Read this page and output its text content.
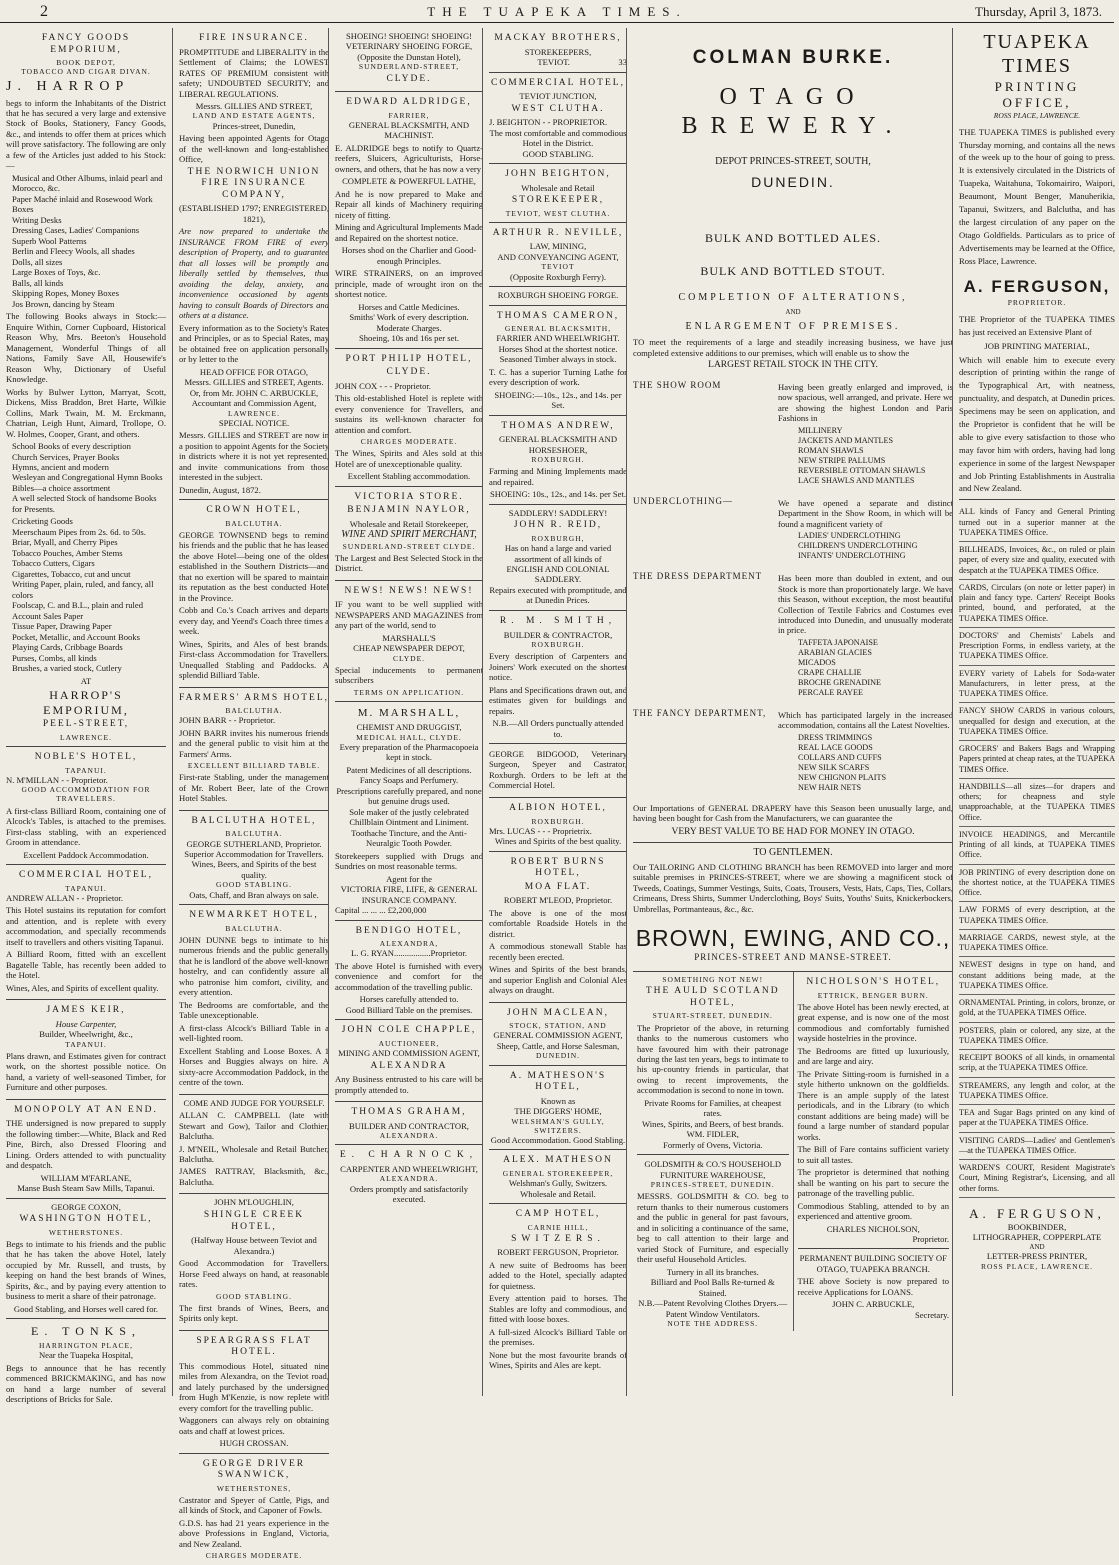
2	THE TUAPEKA TIMES.	Thursday, April 3, 1873.
FANCY GOODS EMPORIUM,
BOOK DEPOT,
TOBACCO AND CIGAR DIVAN.
J. HARROP
begs to inform the Inhabitants of the District that he has secured a very large and extensive Stock of Books, Stationery, Fancy Goods, &c., and intends to offer them at prices which will prove satisfactory. The following are only a few of the Articles just added to his Stock:—
Musical and Other Albums, inlaid pearl and Morocco, &c.
Paper Maché inlaid and Rosewood Work Boxes
Writing Desks
Dressing Cases, Ladies' Companions
Superb Wool Patterns
Berlin and Fleecy Wools, all shades
Dolls, all sizes
Large Boxes of Toys, &c.
Balls, all kinds
Skipping Ropes, Money Boxes
Jos Brown, dancing by Steam
The following Books always in Stock:—Enquire Within, Corner Cupboard, Historical Reason Why, Mrs. Beeton's Household Management, Wonderful Things of all Nations, Family Save All, Housewife's Reason Why, Dictionary of Useful Knowledge.
Works by Bulwer Lytton, Marryat, Scott, Dickens, Miss Braddon, Bret Harte, Wilkie Collins, Mark Twain, M. M. Erckmann, Chatrian, Leigh Hunt, Aimard, Trollope, O. W. Holmes, Cooper, Grant, and others.
School Books of every description
Church Services, Prayer Books
Hymns, ancient and modern
Wesleyan and Congregational Hymn Books
Bibles—a choice assortment
A well selected Stock of handsome Books for Presents.
Cricketing Goods
Meerschaum Pipes from 2s. 6d. to 50s.
Briar, Myall, and Cherry Pipes
Tobacco Pouches, Amber Stems
Tobacco Cutters, Cigars
Cigarettes, Tobacco, cut and uncut
Writing Paper, plain, ruled, and fancy, all colors
Foolscap, C. and B.L., plain and ruled
Account Sales Paper
Tissue Paper, Drawing Paper
Pocket, Metallic, and Account Books
Playing Cards, Cribbage Boards
Purses, Combs, all kinds
Brushes, a varied stock, Cutlery
AT
HARROP'S EMPORIUM,
PEEL-STREET,
LAWRENCE.
NOBLE'S HOTEL,
TAPANUI.
N. M'MILLAN - - Proprietor.
GOOD ACCOMMODATION FOR TRAVELLERS.
A first-class Billiard Room, containing one of Alcock's Tables, is attached to the premises. First-class stabling, with an experienced Groom in attendance.
Excellent Paddock Accommodation.
COMMERCIAL HOTEL,
TAPANUI.
ANDREW ALLAN - - Proprietor.
This Hotel sustains its reputation for comfort and attention, and is replete with every accommodation, and specially recommends itself to travellers and others visiting Tapanui.
A Billiard Room, fitted with an excellent Bagatelle Table, has recently been added to the Hotel.
Wines, Ales, and Spirits of excellent quality.
JAMES KEIR,
House Carpenter,
Builder, Wheelwright, &c.,
TAPANUI.
Plans drawn, and Estimates given for contract work, on the shortest possible notice. On hand, a variety of well-seasoned Timber, for Furniture and other purposes.
MONOPOLY AT AN END.
THE undersigned is now prepared to supply the following timber:—White, Black and Red Pine, Birch, also Dressed Flooring and Lining. Orders attended to with punctuality and despatch.
WILLIAM M'FARLANE,
Manse Bush Steam Saw Mills, Tapanui.
GEORGE COXON,
WASHINGTON HOTEL,
WETHERSTONES.
Begs to intimate to his friends and the public that he has taken the above Hotel, lately occupied by Mr. Russell, and trusts, by keeping on hand the best brands of Wines, Spirits, &c., and by paying every attention to business to merit a share of their patronage.
Good Stabling, and Horses well cared for.
E. TONKS,
HARRINGTON PLACE,
Near the Tuapeka Hospital,
Begs to announce that he has recently commenced BRICKMAKING, and has now on hand a large number of several descriptions of Bricks for Sale.
FIRE INSURANCE.
PROMPTITUDE and LIBERALITY in the Settlement of Claims; the LOWEST RATES OF PREMIUM consistent with safety; UNDOUBTED SECURITY; and LIBERAL REGULATIONS.
Messrs. GILLIES AND STREET,
LAND AND ESTATE AGENTS,
Princes-street, Dunedin,
Having been appointed Agents for Otago of the well-known and long-established Office,
THE NORWICH UNION FIRE INSURANCE COMPANY,
(ESTABLISHED 1797; ENREGISTERED, 1821),
Are now prepared to undertake the INSURANCE FROM FIRE of every description of Property, and to guarantee that all losses will be promptly and liberally settled by themselves, thus avoiding the delay, anxiety, and inconvenience occasioned by agents having to consult Boards of Directors and others at a distance.
Every information as to the Society's Rates and Principles, or as to Special Rates, may be obtained free on application personally or by letter to the
HEAD OFFICE FOR OTAGO,
Messrs. GILLIES and STREET, Agents.
Or, from Mr. JOHN C. ARBUCKLE, Accountant and Commission Agent,
LAWRENCE.
SPECIAL NOTICE.
Messrs. GILLIES and STREET are now in a position to appoint Agents for the Society in districts where it is not yet represented, and invite communications from those interested in the subject.
Dunedin, August, 1872.
CROWN HOTEL,
BALCLUTHA.
GEORGE TOWNSEND begs to remind his friends and the public that he has leased the above Hotel—being one of the oldest established in the Southern Districts—and that no exertion will be spared to maintain its reputation as the best conducted Hotel in the Province.
Cobb and Co.'s Coach arrives and departs every day, and Yeend's Coach three times a week.
Wines, Spirits, and Ales of best brands. First-class Accommodation for Travellers. Unequalled Stabling and Paddocks. A splendid Billiard Table.
FARMERS' ARMS HOTEL,
BALCLUTHA.
JOHN BARR - - Proprietor.
JOHN BARR invites his numerous friends and the general public to visit him at the Farmers' Arms.
EXCELLENT BILLIARD TABLE.
First-rate Stabling, under the management of Mr. Robert Beer, late of the Crown Hotel Stables.
BALCLUTHA HOTEL,
BALCLUTHA.
GEORGE SUTHERLAND, Proprietor.
Superior Accommodation for Travellers. Wines, Beers, and Spirits of the best quality.
GOOD STABLING.
Oats, Chaff, and Bran always on sale.
NEWMARKET HOTEL,
BALCLUTHA.
JOHN DUNNE begs to intimate to his numerous friends and the public generally that he is landlord of the above well-known hostelry, and can confidently assure all who patronise him comfort, civility, and every attention.
The Bedrooms are comfortable, and the Table unexceptionable.
A first-class Alcock's Billiard Table in a well-lighted room.
Excellent Stabling and Loose Boxes. A 1 Horses and Buggies always on hire. A sixty-acre Accommodation Paddock, in the centre of the town.
COME AND JUDGE FOR YOURSELF.
ALLAN C. CAMPBELL (late with Stewart and Gow), Tailor and Clothier, Balclutha.
J. M'NEIL, Wholesale and Retail Butcher, Balclutha.
JAMES RATTRAY, Blacksmith, &c., Balclutha.
JOHN M'LOUGHLIN,
SHINGLE CREEK HOTEL,
(Halfway House between Teviot and Alexandra.)
Good Accommodation for Travellers. Horse Feed always on hand, at reasonable rates.
GOOD STABLING.
The first brands of Wines, Beers, and Spirits only kept.
SPEARGRASS FLAT HOTEL.
This commodious Hotel, situated nine miles from Alexandra, on the Teviot road, and lately purchased by the undersigned from Hugh M'Kenzie, is now replete with every comfort for the travelling public.
Waggoners can always rely on obtaining oats and chaff at lowest prices.
HUGH CROSSAN.
GEORGE DRIVER SWANWICK,
WETHERSTONES,
Castrator and Speyer of Cattle, Pigs, and all kinds of Stock, and Caponer of Fowls.
G.D.S. has had 21 years experience in the above Professions in England, Victoria, and New Zealand.
CHARGES MODERATE.
SHOEING! SHOEING! SHOEING!
VETERINARY SHOEING FORGE,
(Opposite the Dunstan Hotel),
SUNDERLAND-STREET,
CLYDE.
EDWARD ALDRIDGE,
FARRIER,
GENERAL BLACKSMITH, AND MACHINIST.
E. ALDRIDGE begs to notify to Quartz-reefers, Sluicers, Agriculturists, Horse-owners, and others, that he has now a very
COMPLETE & POWERFUL LATHE,
And he is now prepared to Make and Repair all kinds of Machinery requiring nicety of fitting.
Mining and Agricultural Implements Made and Repaired on the shortest notice.
Horses shod on the Charlier and Good-enough Principles.
WIRE STRAINERS, on an improved principle, made of wrought iron on the shortest notice.
Horses and Cattle Medicines.
Smiths' Work of every description.
Moderate Charges.
Shoeing, 10s and 16s per set.
PORT PHILIP HOTEL,
CLYDE.
JOHN COX - - - Proprietor.
This old-established Hotel is replete with every convenience for Travellers, and sustains its well-known character for attention and comfort.
CHARGES MODERATE.
The Wines, Spirits and Ales sold at this Hotel are of unexceptionable quality.
Excellent Stabling accommodation.
VICTORIA STORE.
BENJAMIN NAYLOR,
Wholesale and Retail Storekeeper,
WINE AND SPIRIT MERCHANT,
SUNDERLAND-STREET CLYDE.
The Largest and Best Selected Stock in the District.
NEWS! NEWS! NEWS!
IF you want to be well supplied with NEWSPAPERS AND MAGAZINES from any part of the world, send to
MARSHALL'S
CHEAP NEWSPAPER DEPOT,
CLYDE.
Special inducements to permanent subscribers
TERMS ON APPLICATION.
M. MARSHALL,
CHEMIST AND DRUGGIST,
MEDICAL HALL, CLYDE.
Every preparation of the Pharmacopoeia kept in stock.
Patent Medicines of all descriptions.
Fancy Soaps and Perfumery.
Prescriptions carefully prepared, and none but genuine drugs used.
Sole maker of the justly celebrated Chillblain Ointment and Liniment.
Toothache Tincture, and the Anti-Neuralgic Tooth Powder.
Storekeepers supplied with Drugs and Sundries on most reasonable terms.
Agent for the
VICTORIA FIRE, LIFE, & GENERAL INSURANCE COMPANY.
Capital ... ... ... £2,200,000
BENDIGO HOTEL,
ALEXANDRA,
L. G. RYAN.................Proprietor.
The above Hotel is furnished with every convenience and comfort for the accommodation of the travelling public.
Horses carefully attended to.
Good Billiard Table on the premises.
JOHN COLE CHAPPLE,
AUCTIONEER,
MINING AND COMMISSION AGENT,
ALEXANDRA
Any Business entrusted to his care will be promptly attended to.
THOMAS GRAHAM,
BUILDER AND CONTRACTOR,
ALEXANDRA.
E. CHARNOCK,
CARPENTER AND WHEELWRIGHT,
ALEXANDRA.
Orders promptly and satisfactorily executed.
MACKAY BROTHERS,
STOREKEEPERS,
TEVIOT.	33
COMMERCIAL HOTEL,
TEVIOT JUNCTION,
WEST CLUTHA.
J. BEIGHTON - - PROPRIETOR.
The most comfortable and commodious Hotel in the District.
GOOD STABLING.
JOHN BEIGHTON,
Wholesale and Retail
STOREKEEPER,
TEVIOT, WEST CLUTHA.
ARTHUR R. NEVILLE,
LAW, MINING,
AND CONVEYANCING AGENT,
TEVIOT
(Opposite Roxburgh Ferry).
ROXBURGH SHOEING FORGE.
THOMAS CAMERON,
GENERAL BLACKSMITH,
FARRIER AND WHEELWRIGHT.
Horses Shod at the shortest notice.
Seasoned Timber always in stock.
T. C. has a superior Turning Lathe for every description of work.
SHOEING:—10s., 12s., and 14s. per Set.
THOMAS ANDREW,
GENERAL BLACKSMITH AND HORSESHOER,
ROXBURGH.
Farming and Mining Implements made and repaired.
SHOEING: 10s., 12s., and 14s. per Set.
SADDLERY! SADDLERY!
JOHN R. REID,
ROXBURGH,
Has on hand a large and varied assortment of all kinds of
ENGLISH AND COLONIAL SADDLERY.
Repairs executed with promptitude, and at Dunedin Prices.
R. M. SMITH,
BUILDER & CONTRACTOR,
ROXBURGH.
Every description of Carpenters and Joiners' Work executed on the shortest notice.
Plans and Specifications drawn out, and estimates given for buildings and repairs.
N.B.—All Orders punctually attended to.
GEORGE BIDGOOD, Veterinary Surgeon, Speyer and Castrator, Roxburgh. Orders to be left at the Commercial Hotel.
ALBION HOTEL,
ROXBURGH.
Mrs. LUCAS - - - Proprietrix.
Wines and Spirits of the best quality.
ROBERT BURNS HOTEL,
MOA FLAT.
ROBERT M'LEOD, Proprietor.
The above is one of the most comfortable Roadside Hotels in the district.
A commodious stonewall Stable has recently been erected.
Wines and Spirits of the best brands, and superior English and Colonial Ales always on draught.
JOHN MACLEAN,
STOCK, STATION, AND
GENERAL COMMISSION AGENT,
Sheep, Cattle, and Horse Salesman,
DUNEDIN.
A. MATHESON'S HOTEL,
Known as
THE DIGGERS' HOME,
WELSHMAN'S GULLY, SWITZERS.
Good Accommodation. Good Stabling.
ALEX. MATHESON
GENERAL STOREKEEPER,
Welshman's Gully, Switzers.
Wholesale and Retail.
CAMP HOTEL,
CARNIE HILL,
SWITZERS.
ROBERT FERGUSON, Proprietor.
A new suite of Bedrooms has been added to the Hotel, specially adapted for quietness.
Every attention paid to horses. The Stables are lofty and commodious, and fitted with loose boxes.
A full-sized Alcock's Billiard Table on the premises.
None but the most favourite brands of Wines, Spirits and Ales are kept.
COLMAN BURKE.
OTAGO BREWERY.
DEPOT PRINCES-STREET, SOUTH,
DUNEDIN.
BULK AND BOTTLED ALES.
BULK AND BOTTLED STOUT.
COMPLETION OF ALTERATIONS,
AND
ENLARGEMENT OF PREMISES.
TO meet the requirements of a large and steadily increasing business, we have just completed extensive additions to our premises, which will enable us to show the
LARGEST RETAIL STOCK IN THE CITY.
THE SHOW ROOM	Having been greatly enlarged and improved, is now spacious, well arranged, and private. Here we are showing the highest London and Paris Fashions in
MILLINERY
JACKETS AND MANTLES
ROMAN SHAWLS
NEW STRIPE PALLUMS
REVERSIBLE OTTOMAN SHAWLS
LACE SHAWLS AND MANTLES
UNDERCLOTHING—	We have opened a separate and distinct Department in the Show Room, in which will be found a magnificent variety of
LADIES' UNDERCLOTHING
CHILDREN'S UNDERCLOTHING
INFANTS' UNDERCLOTHING
THE DRESS DEPARTMENT	Has been more than doubled in extent, and our Stock is more than proportionately large. We have this Season, without exception, the most beautiful Collection of Textile Fabrics and Costumes ever introduced into Dunedin, and unusually moderate in price.
TAFFETA JAPONAISE
ARABIAN GLACIES
MICADOS
CRAPE CHALLIE
BROCHE GRENADINE
PERCALE RAYEE
THE FANCY DEPARTMENT,	Which has participated largely in the increased accommodation, contains all the Latest Novelties.
DRESS TRIMMINGS
REAL LACE GOODS
COLLARS AND CUFFS
NEW SILK SCARFS
NEW CHIGNON PLAITS
NEW HAIR NETS
Our Importations of GENERAL DRAPERY have this Season been unusually large, and, having been bought for Cash from the Manufacturers, we can guarantee the
VERY BEST VALUE TO BE HAD FOR MONEY IN OTAGO.
TO GENTLEMEN.
Our TAILORING AND CLOTHING BRANCH has been REMOVED into larger and more suitable premises in PRINCES-STREET, where we are showing a magnificent stock of Tweeds, Coatings, Summer Vestings, Suits, Coats, Trousers, Vests, Hats, Caps, Ties, Collars, Crimeans, Dress Shirts, Summer Underclothing, Boys' Suits, Youths' Suits, Knickerbockers, Umbrellas, Portmanteaus, &c., &c.
BROWN, EWING, AND CO.,
PRINCES-STREET AND MANSE-STREET.
SOMETHING NOT NEW!
THE AULD SCOTLAND HOTEL,
STUART-STREET, DUNEDIN.
The Proprietor of the above, in returning thanks to the numerous customers who have favoured him with their patronage during the last ten years, begs to intimate to his up-country friends in particular, that owing to recent improvements, the accommodation is second to none in town.
Private Rooms for Families, at cheapest rates.
Wines, Spirits, and Beers, of best brands.
WM. FIDLER,
Formerly of Ovens, Victoria.
GOLDSMITH & CO.'S HOUSEHOLD FURNITURE WAREHOUSE,
PRINCES-STREET, DUNEDIN.
MESSRS. GOLDSMITH & CO. beg to return thanks to their numerous customers and the public in general for past favours, and in soliciting a continuance of the same, beg to call attention to their large and varied Stock of Furniture, and especially their useful Household Articles.
Turnery in all its branches.
Billiard and Pool Balls Re-turned & Stained.
N.B.—Patent Revolving Clothes Dryers.—Patent Window Ventilators.
NOTE THE ADDRESS.
NICHOLSON'S HOTEL,
ETTRICK, BENGER BURN.
The above Hotel has been newly erected, at great expense, and is now one of the most commodious and comfortably furnished wayside hostelries in the province.
The Bedrooms are fitted up luxuriously, and are large and airy.
The Private Sitting-room is furnished in a style hitherto unknown on the goldfields. There is an ample supply of the latest periodicals, and in the Library (to which constant additions are being made) will be found a large number of standard popular works.
The Bill of Fare contains sufficient variety to suit all tastes.
The proprietor is determined that nothing shall be wanting on his part to secure the patronage of the travelling public.
Commodious Stabling, attended to by an experienced and attentive groom.
CHARLES NICHOLSON,
Proprietor.
PERMANENT BUILDING SOCIETY OF OTAGO, TUAPEKA BRANCH.
THE above Society is now prepared to receive Applications for LOANS.
JOHN C. ARBUCKLE,
Secretary.
TUAPEKA TIMES
PRINTING OFFICE,
ROSS PLACE, LAWRENCE.
THE TUAPEKA TIMES is published every Thursday morning, and contains all the news of the week up to the hour of going to press. It is extensively circulated in the Districts of Tuapeka, Waitahuna, Tokomairiro, Waipori, Beaumont, Mount Benger, Manuherikia, Tapanui, Switzers, and Balclutha, and has the largest circulation of any paper on the Otago Goldfields. Particulars as to price of Advertisements may be learned at the Office, Ross Place, Lawrence.
A. FERGUSON,
PROPRIETOR.
THE Proprietor of the TUAPEKA TIMES has just received an Extensive Plant of
JOB PRINTING MATERIAL,
Which will enable him to execute every description of printing within the range of the Typographical Art, with neatness, punctuality, and despatch, at Dunedin prices. Specimens may be seen on application, and the Proprietor is confident that he will be able to give every satisfaction to those who may favor him with orders, having had long experience in some of the largest Newspaper and Job Printing Establishments in Australia and New Zealand.
ALL kinds of Fancy and General Printing turned out in a superior manner at the TUAPEKA TIMES Office.
BILLHEADS, Invoices, &c., on ruled or plain paper, of every size and quality, executed with despatch at the TUAPEKA TIMES Office.
CARDS, Circulars (on note or letter paper) in plain and fancy type. Carters' Receipt Books printed, bound, and perforated, at the TUAPEKA TIMES Office.
DOCTORS' and Chemists' Labels and Prescription Forms, in endless variety, at the TUAPEKA TIMES Office.
EVERY variety of Labels for Soda-water Manufacturers, in letter press, at the TUAPEKA TIMES Office.
FANCY SHOW CARDS in various colours, unequalled for design and execution, at the TUAPEKA TIMES Office.
GROCERS' and Bakers Bags and Wrapping Papers printed at cheap rates, at the TUAPEKA TIMES Office.
HANDBILLS—all sizes—for drapers and others; for cheapness and style unapproachable, at the TUAPEKA TIMES Office.
INVOICE HEADINGS, and Mercantile Printing of all kinds, at TUAPEKA TIMES Office.
JOB PRINTING of every description done on the shortest notice, at the TUAPEKA TIMES Office.
LAW FORMS of every description, at the TUAPEKA TIMES Office.
MARRIAGE CARDS, newest style, at the TUAPEKA TIMES Office.
NEWEST designs in type on hand, and constant additions being made, at the TUAPEKA TIMES Office.
ORNAMENTAL Printing, in colors, bronze, or gold, at the TUAPEKA TIMES Office.
POSTERS, plain or colored, any size, at the TUAPEKA TIMES Office.
RECEIPT BOOKS of all kinds, in ornamental scrip, at the TUAPEKA TIMES Office.
STREAMERS, any length and color, at the TUAPEKA TIMES Office.
TEA and Sugar Bags printed on any kind of paper at the TUAPEKA TIMES Office.
VISITING CARDS—Ladies' and Gentlemen's—at the TUAPEKA TIMES Office.
WARDEN'S COURT, Resident Magistrate's Court, Mining Registrar's, Licensing, and all other forms.
A. FERGUSON,
BOOKBINDER,
LITHOGRAPHER, COPPERPLATE
AND
LETTER-PRESS PRINTER,
ROSS PLACE, LAWRENCE.
